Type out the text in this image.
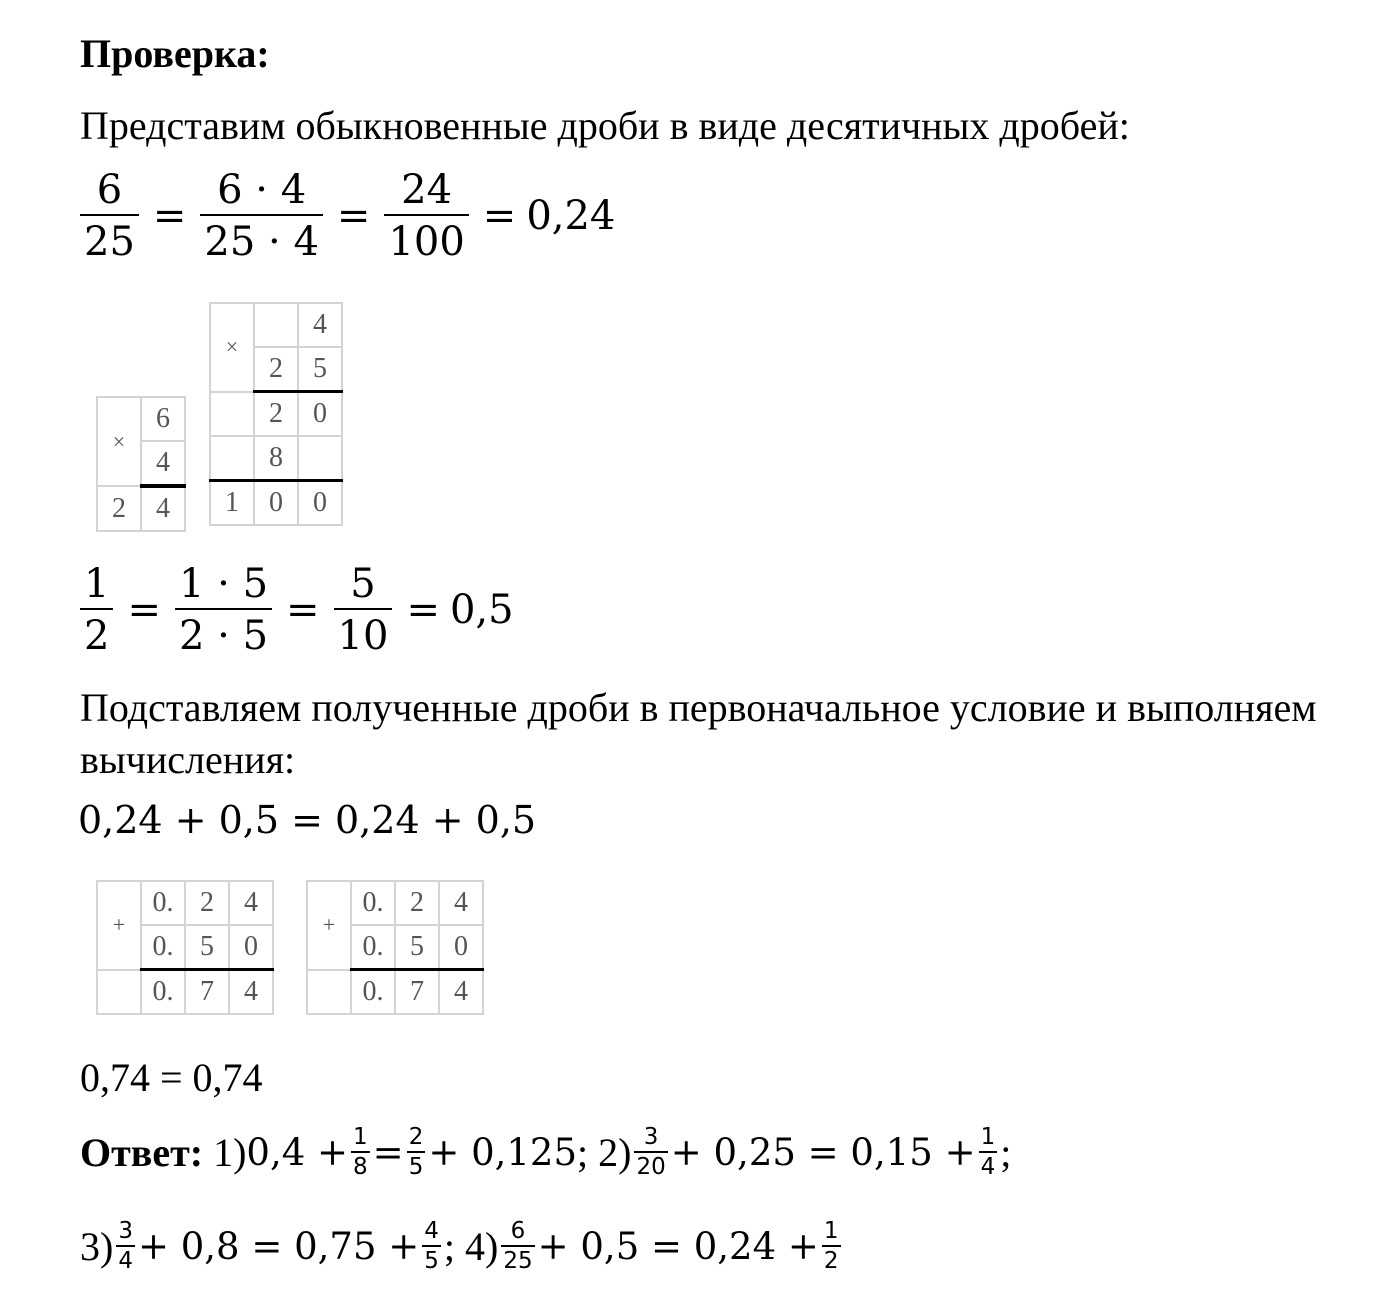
Проверка:
Представим обыкновенные дроби в виде десятичных дробей:
$\frac{6}{25} = \frac{6 \cdot 4}{25 \cdot 4} = \frac{24}{100} = 0,24$
×	6
	4
2	4
×		4
	2	5
	2	0
	8	
1	0	0
$\frac{1}{2} = \frac{1 \cdot 5}{2 \cdot 5} = \frac{5}{10} = 0,5$
Подставляем полученные дроби в первоначальное условие и выполняем
вычисления:
0,24 + 0,5 = 0,24 + 0,5
+	0.	2	4
	0.	5	0
	0.	7	4
+	0.	2	4
	0.	5	0
	0.	7	4
0,74 = 0,74
Ответ:
1) $0,4 + \frac{1}{8} = \frac{2}{5} + 0,125$ ;
$2) \frac{3}{20} + 0,25 = 0,15 + \frac{1}{4}$ ;
$3) \frac{3}{4} + 0,8 = 0,75 + \frac{4}{5}$ ;
$4) \frac{6}{25} + 0,5 = 0,24 + \frac{1}{2}$
